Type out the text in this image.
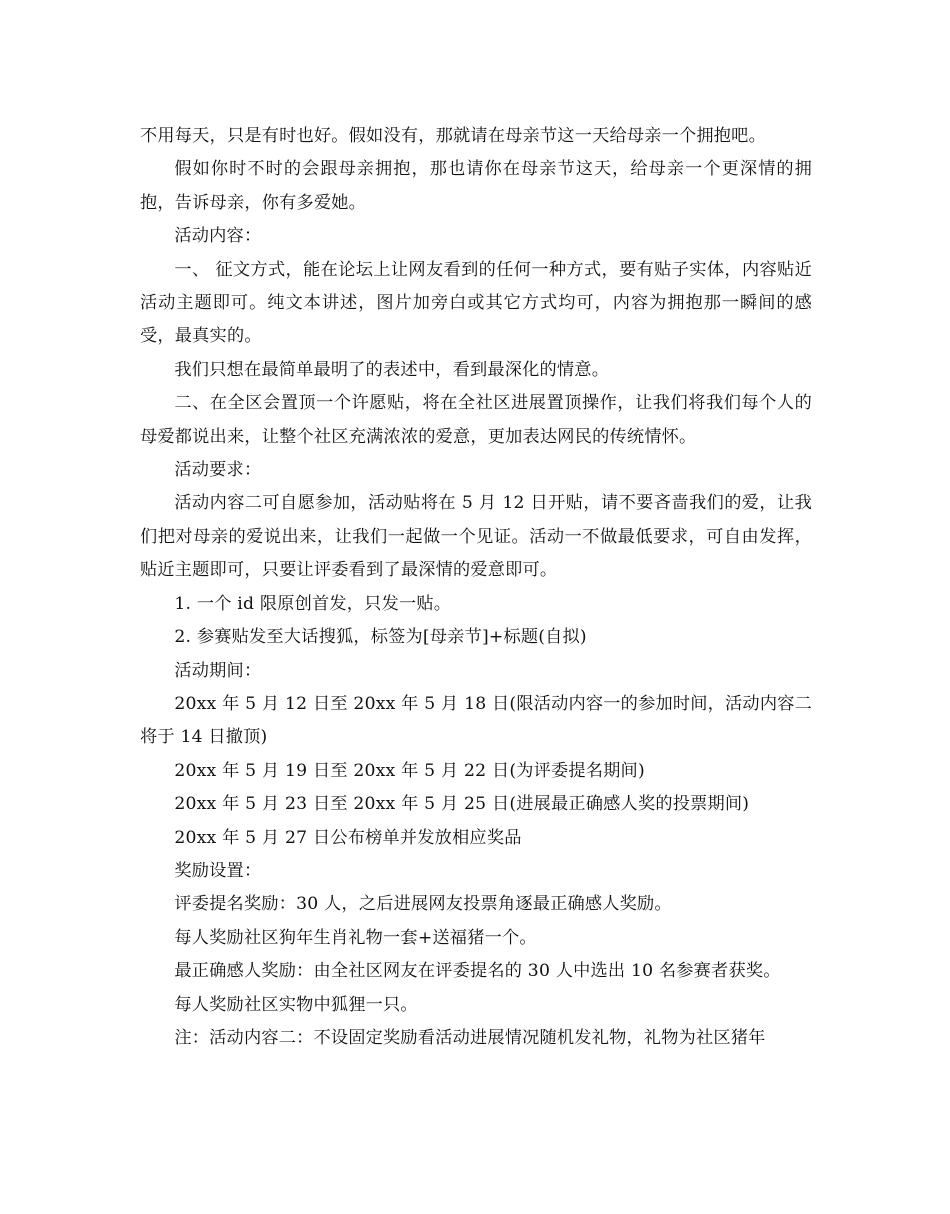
不用每天，只是有时也好。假如没有，那就请在母亲节这一天给母亲一个拥抱吧。

假如你时不时的会跟母亲拥抱，那也请你在母亲节这天，给母亲一个更深情的拥抱，告诉母亲，你有多爱她。

活动内容：

一、 征文方式，能在论坛上让网友看到的任何一种方式，要有贴子实体，内容贴近活动主题即可。纯文本讲述，图片加旁白或其它方式均可，内容为拥抱那一瞬间的感受，最真实的。

我们只想在最简单最明了的表述中，看到最深化的情意。

二、在全区会置顶一个许愿贴，将在全社区进展置顶操作，让我们将我们每个人的母爱都说出来，让整个社区充满浓浓的爱意，更加表达网民的传统情怀。

活动要求：

活动内容二可自愿参加，活动贴将在 5 月 12 日开贴，请不要吝啬我们的爱，让我们把对母亲的爱说出来，让我们一起做一个见证。活动一不做最低要求，可自由发挥，贴近主题即可，只要让评委看到了最深情的爱意即可。

1. 一个 id 限原创首发，只发一贴。

2. 参赛贴发至大话搜狐，标签为[母亲节]+标题(自拟)

活动期间：

20xx 年 5 月 12 日至 20xx 年 5 月 18 日(限活动内容一的参加时间，活动内容二将于 14 日撤顶)

20xx 年 5 月 19 日至 20xx 年 5 月 22 日(为评委提名期间)

20xx 年 5 月 23 日至 20xx 年 5 月 25 日(进展最正确感人奖的投票期间)

20xx 年 5 月 27 日公布榜单并发放相应奖品

奖励设置：

评委提名奖励：30 人，之后进展网友投票角逐最正确感人奖励。

每人奖励社区狗年生肖礼物一套+送福猪一个。

最正确感人奖励：由全社区网友在评委提名的 30 人中选出 10 名参赛者获奖。

每人奖励社区实物中狐狸一只。

注：活动内容二：不设固定奖励看活动进展情况随机发礼物，礼物为社区猪年
